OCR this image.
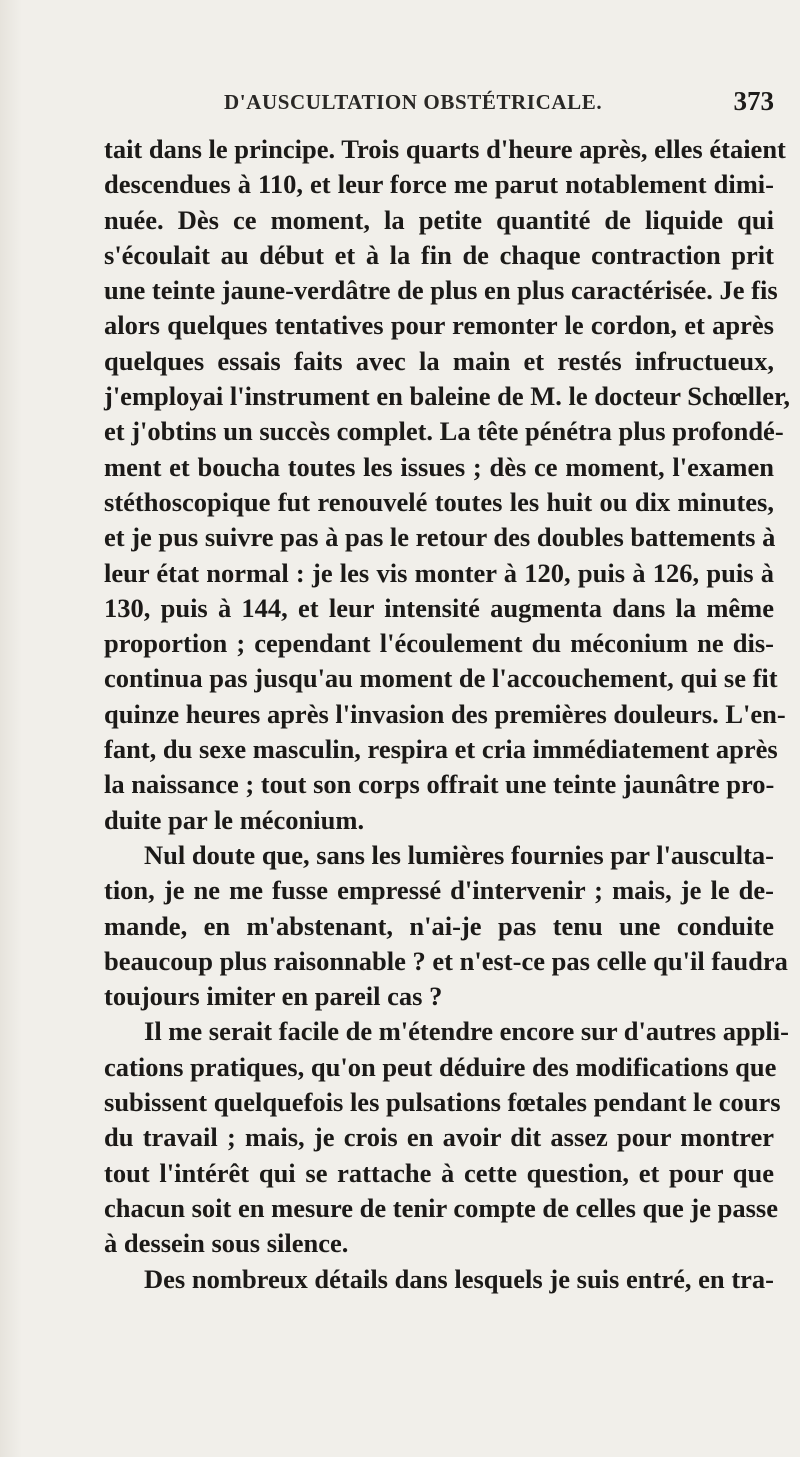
D'AUSCULTATION OBSTÉTRICALE.	373
tait dans le principe. Trois quarts d'heure après, elles étaient
descendues à 110, et leur force me parut notablement dimi-
nuée. Dès ce moment, la petite quantité de liquide qui
s'écoulait au début et à la fin de chaque contraction prit
une teinte jaune-verdâtre de plus en plus caractérisée. Je fis
alors quelques tentatives pour remonter le cordon, et après
quelques essais faits avec la main et restés infructueux,
j'employai l'instrument en baleine de M. le docteur Schœller,
et j'obtins un succès complet. La tête pénétra plus profondé-
ment et boucha toutes les issues ; dès ce moment, l'examen
stéthoscopique fut renouvelé toutes les huit ou dix minutes,
et je pus suivre pas à pas le retour des doubles battements à
leur état normal : je les vis monter à 120, puis à 126, puis à
130, puis à 144, et leur intensité augmenta dans la même
proportion ; cependant l'écoulement du méconium ne dis-
continua pas jusqu'au moment de l'accouchement, qui se fit
quinze heures après l'invasion des premières douleurs. L'en-
fant, du sexe masculin, respira et cria immédiatement après
la naissance ; tout son corps offrait une teinte jaunâtre pro-
duite par le méconium.
Nul doute que, sans les lumières fournies par l'ausculta-
tion, je ne me fusse empressé d'intervenir ; mais, je le de-
mande, en m'abstenant, n'ai-je pas tenu une conduite
beaucoup plus raisonnable ? et n'est-ce pas celle qu'il faudra
toujours imiter en pareil cas ?
Il me serait facile de m'étendre encore sur d'autres appli-
cations pratiques, qu'on peut déduire des modifications que
subissent quelquefois les pulsations fœtales pendant le cours
du travail ; mais, je crois en avoir dit assez pour montrer
tout l'intérêt qui se rattache à cette question, et pour que
chacun soit en mesure de tenir compte de celles que je passe
à dessein sous silence.
Des nombreux détails dans lesquels je suis entré, en tra-
